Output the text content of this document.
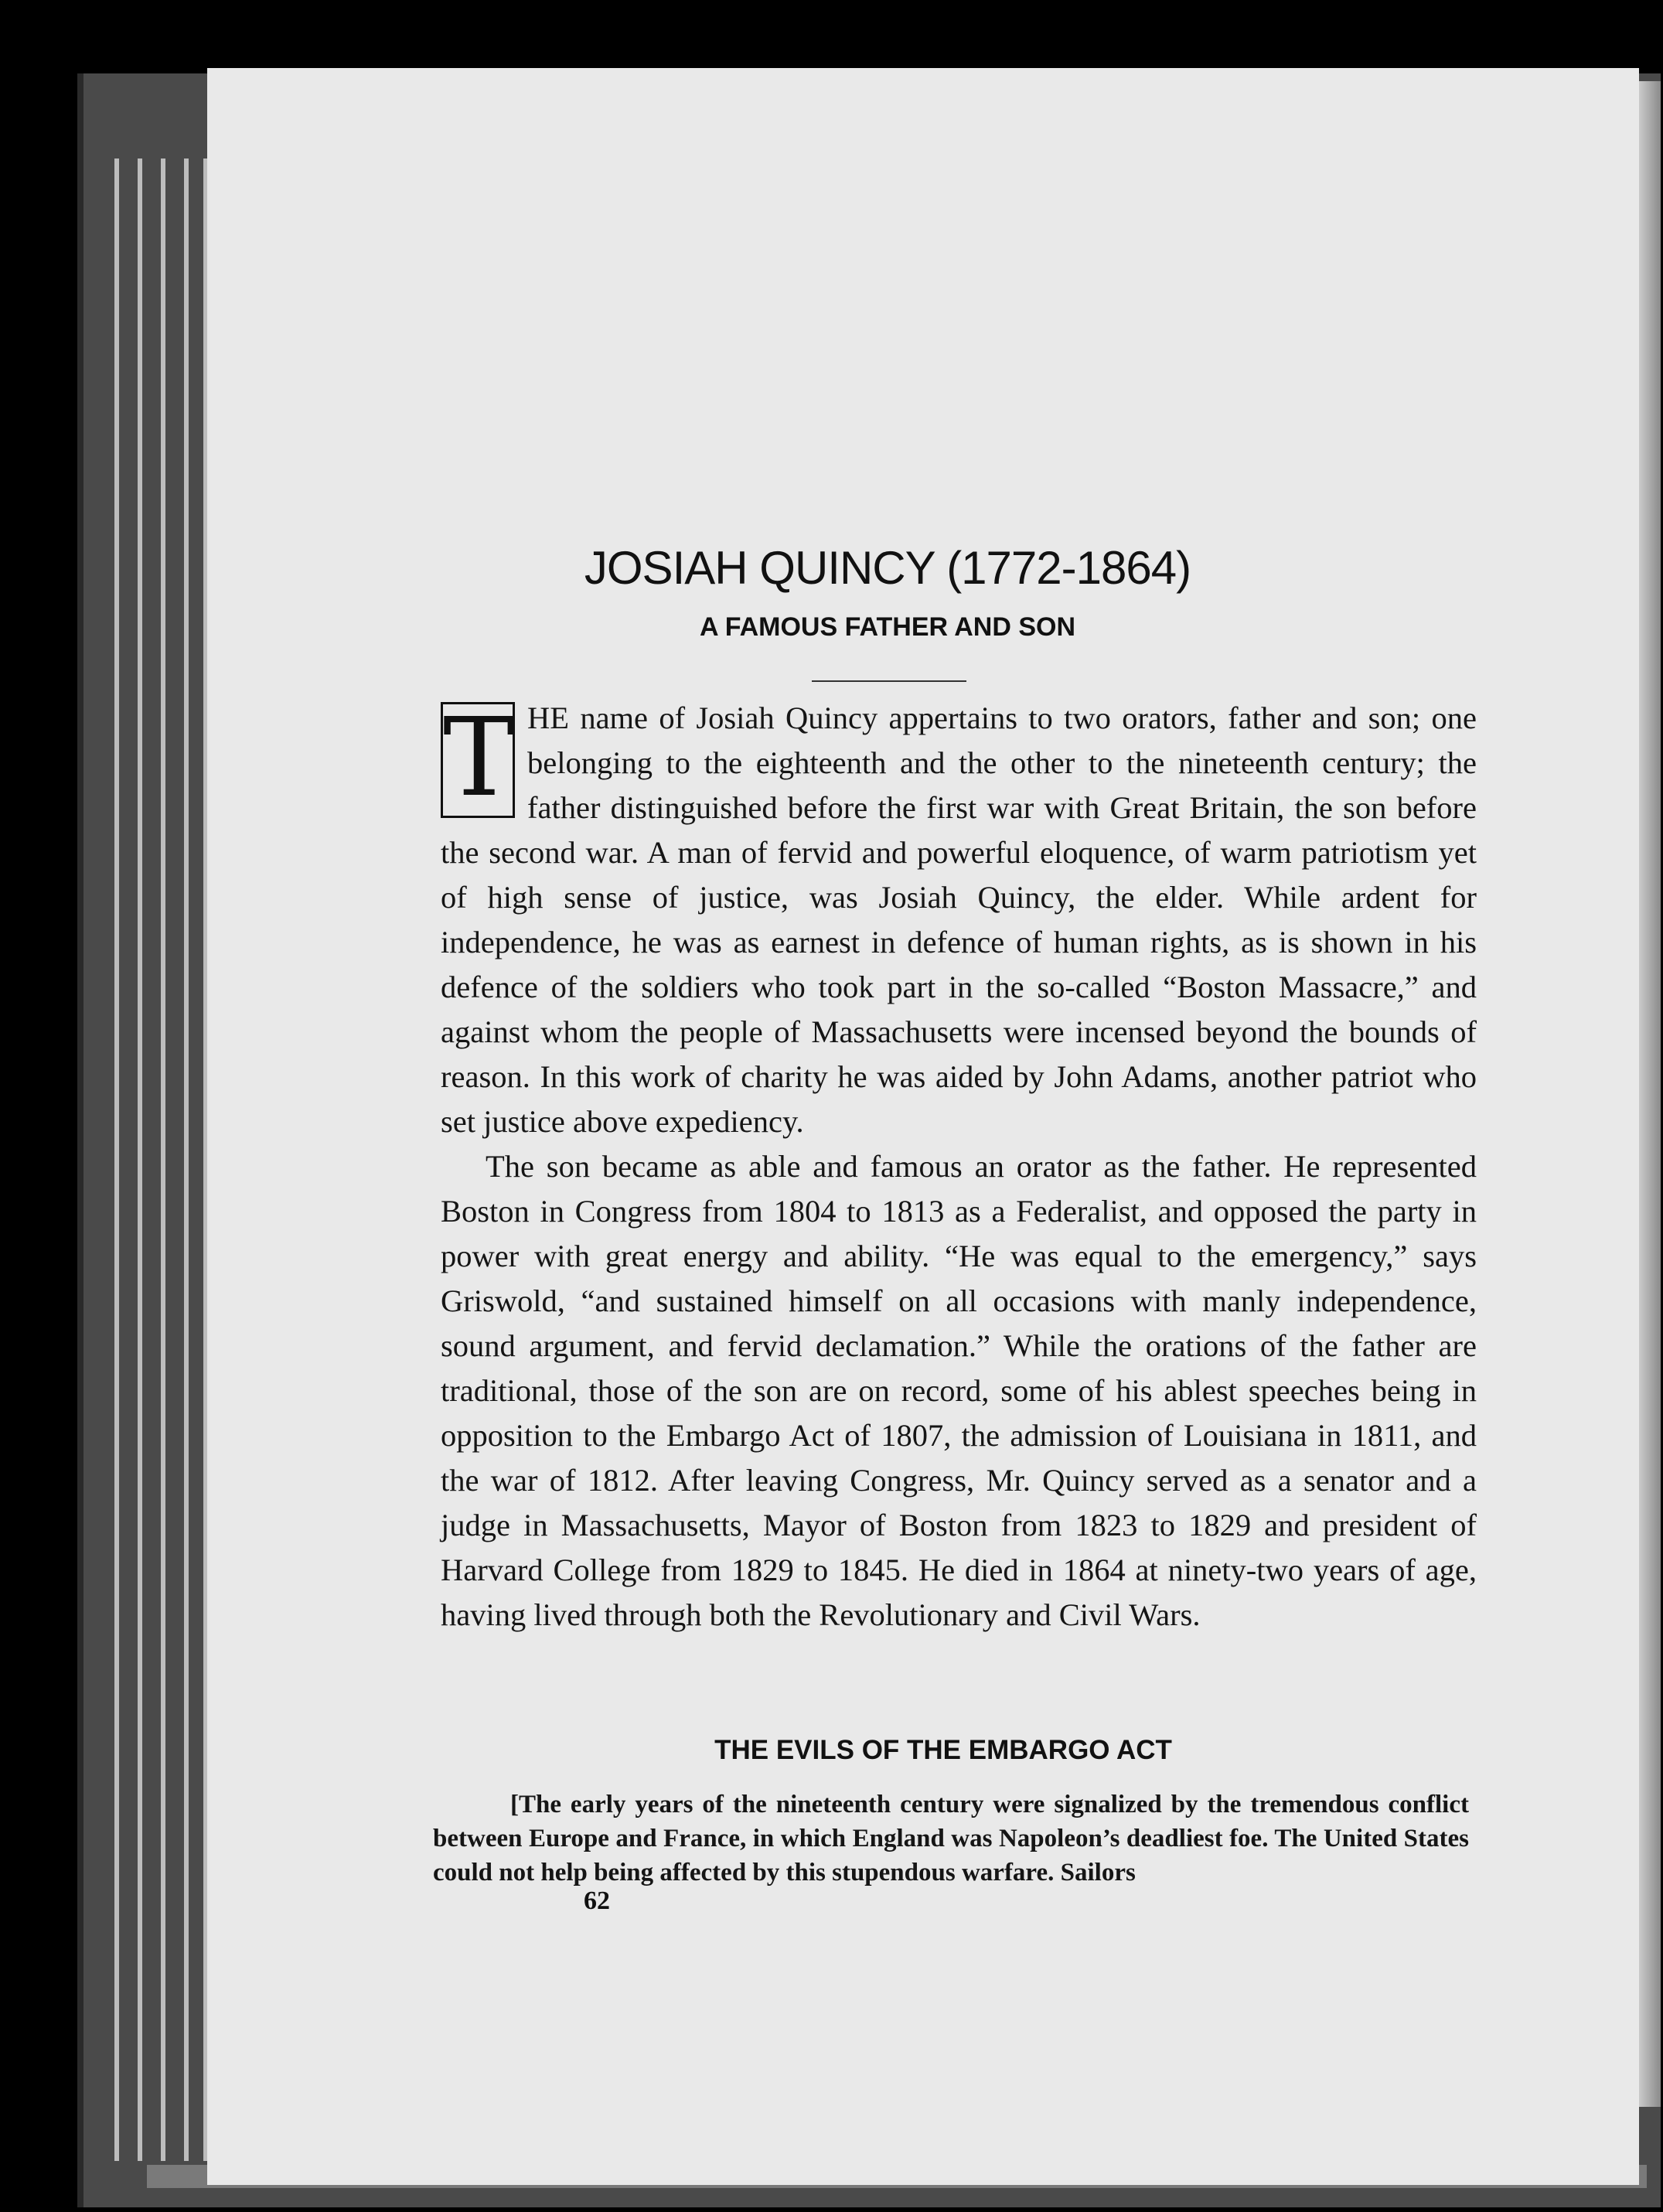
JOSIAH QUINCY (1772-1864)
A FAMOUS FATHER AND SON

T HE name of Josiah Quincy appertains to two orators, father and son; one belonging to the eighteenth and the other to the nineteenth century; the father distinguished before the first war with Great Britain, the son before the second war. A man of fervid and powerful eloquence, of warm patriotism yet of high sense of justice, was Josiah Quincy, the elder. While ardent for independence, he was as earnest in defence of human rights, as is shown in his defence of the soldiers who took part in the so-called “Boston Massacre,” and against whom the people of Massachusetts were incensed beyond the bounds of reason. In this work of charity he was aided by John Adams, another patriot who set justice above expediency.

The son became as able and famous an orator as the father. He represented Boston in Congress from 1804 to 1813 as a Federalist, and opposed the party in power with great energy and ability. “He was equal to the emergency,” says Griswold, “and sustained himself on all occasions with manly independence, sound argument, and fervid declamation.” While the orations of the father are traditional, those of the son are on record, some of his ablest speeches being in opposition to the Embargo Act of 1807, the admission of Louisiana in 1811, and the war of 1812. After leaving Congress, Mr. Quincy served as a senator and a judge in Massachusetts, Mayor of Boston from 1823 to 1829 and president of Harvard College from 1829 to 1845. He died in 1864 at ninety-two years of age, having lived through both the Revolutionary and Civil Wars.

THE EVILS OF THE EMBARGO ACT

[The early years of the nineteenth century were signalized by the tremendous conflict between Europe and France, in which England was Napoleon’s deadliest foe. The United States could not help being affected by this stupendous warfare. Sailors

62
